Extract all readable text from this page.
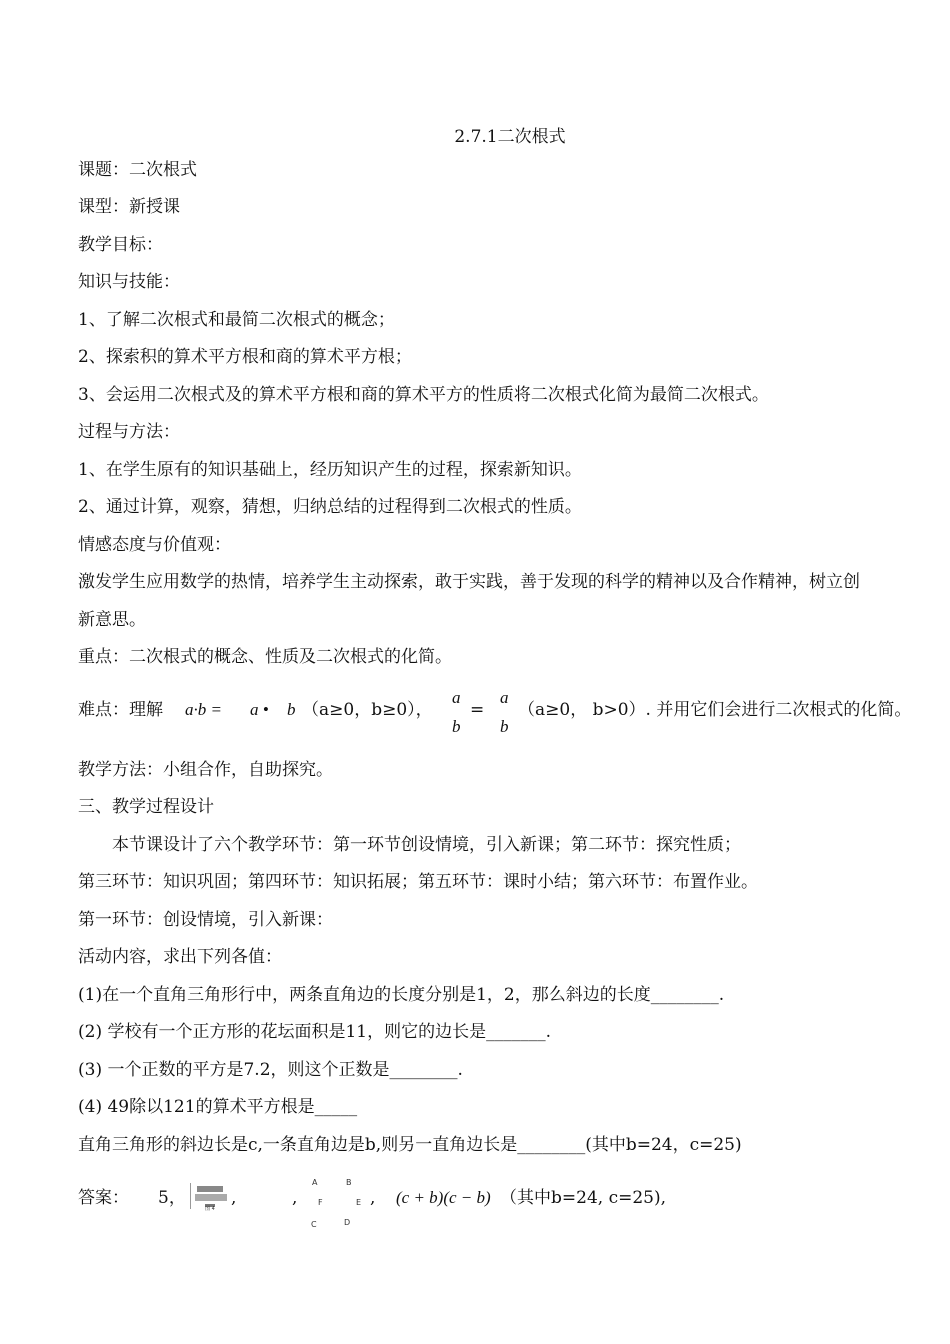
2.7.1二次根式
课题：二次根式
课型：新授课
教学目标：
知识与技能：
1、了解二次根式和最简二次根式的概念；
2、探索积的算术平方根和商的算术平方根；
3、会运用二次根式及的算术平方根和商的算术平方的性质将二次根式化简为最简二次根式。
过程与方法：
1、在学生原有的知识基础上，经历知识产生的过程，探索新知识。
2、通过计算，观察，猜想，归纳总结的过程得到二次根式的性质。
情感态度与价值观：
激发学生应用数学的热情，培养学生主动探索，敢于实践，善于发现的科学的精神以及合作精神，树立创
新意思。
重点：二次根式的概念、性质及二次根式的化简。
难点：理解 a·b = a • b （a≥0，b≥0），
a
b
=
a
b
（a≥0， b>0）. 并用它们会进行二次根式的化简。
教学方法：小组合作，自助探究。
三、教学过程设计
本节课设计了六个教学环节：第一环节创设情境，引入新课；第二环节：探究性质；
第三环节：知识巩固；第四环节：知识拓展；第五环节：课时小结；第六环节：布置作业。
第一环节：创设情境，引入新课：
活动内容，求出下列各值：
(1)在一个直角三角形行中，两条直角边的长度分别是1，2，那么斜边的长度________.
(2) 学校有一个正方形的花坛面积是11，则它的边长是_______.
(3) 一个正数的平方是7.2，则这个正数是________.
(4) 49除以121的算术平方根是_____
直角三角形的斜边长是c,一条直角边是b,则另一直角边长是________(其中b=24，c=25)
答案： 5，
图 4
,	,
A	B
F	E
C	D
, (c + b)(c − b) （其中b=24, c=25),
